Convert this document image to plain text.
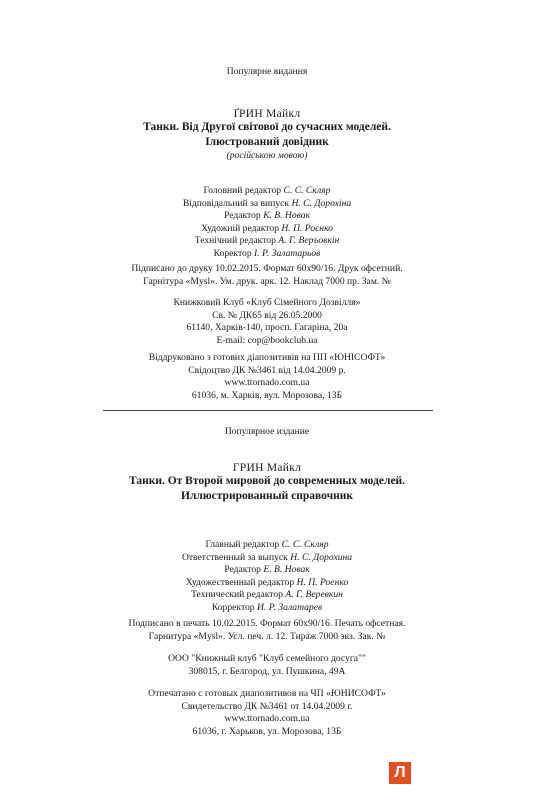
Популярне видання
ҐРИН Майкл
Танки. Від Другої світової до сучасних моделей.
Ілюстрований довідник
(російською мовою)
Головний редактор С. С. Скляр
Відповідальний за випуск Н. С. Дорохіна
Редактор К. В. Новак
Художній редактор Н. П. Роєнко
Технічний редактор А. Г. Веръовкін
Коректор І. Р. Залатарьов
Підписано до друку 10.02.2015. Формат 60х90/16. Друк офсетний.
Гарнітура «Mysl». Ум. друк. арк. 12. Наклад 7000 пр. Зам. №
Книжковий Клуб «Клуб Сімейного Дозвілля»
Св. № ДК65 від 26.05.2000
61140, Харків-140, просп. Гагаріна, 20а
E-mail: cop@bookclub.ua
Віддруковано з готових діапозитивів на ПП «ЮНІСОФТ»
Свідоцтво ДК №3461 від 14.04.2009 р.
www.ttornado.com.ua
61036, м. Харків, вул. Морозова, 13Б
Популярное издание
ГРИН Майкл
Танки. От Второй мировой до современных моделей.
Иллюстрированный справочник
Главный редактор С. С. Скляр
Ответственный за выпуск Н. С. Дорохина
Редактор Е. В. Новак
Художественный редактор Н. П. Роенко
Технический редактор А. Г. Веревкин
Корректор И. Р. Залатарев
Подписано в печать 10.02.2015. Формат 60х90/16. Печать офсетная.
Гарнитура «Mysl». Усл. печ. л. 12. Тираж 7000 экз. Зак. №
ООО "Книжный клуб "Клуб семейного досуга""
308015, г. Белгород, ул. Пушкина, 49А
Отпечатано с готовых диапозитивов на ЧП «ЮНИСОФТ»
Свидетельство ДК №3461 от 14.04.2009 г.
www.ttornado.com.ua
61036, г. Харьков, ул. Морозова, 13Б
Л
